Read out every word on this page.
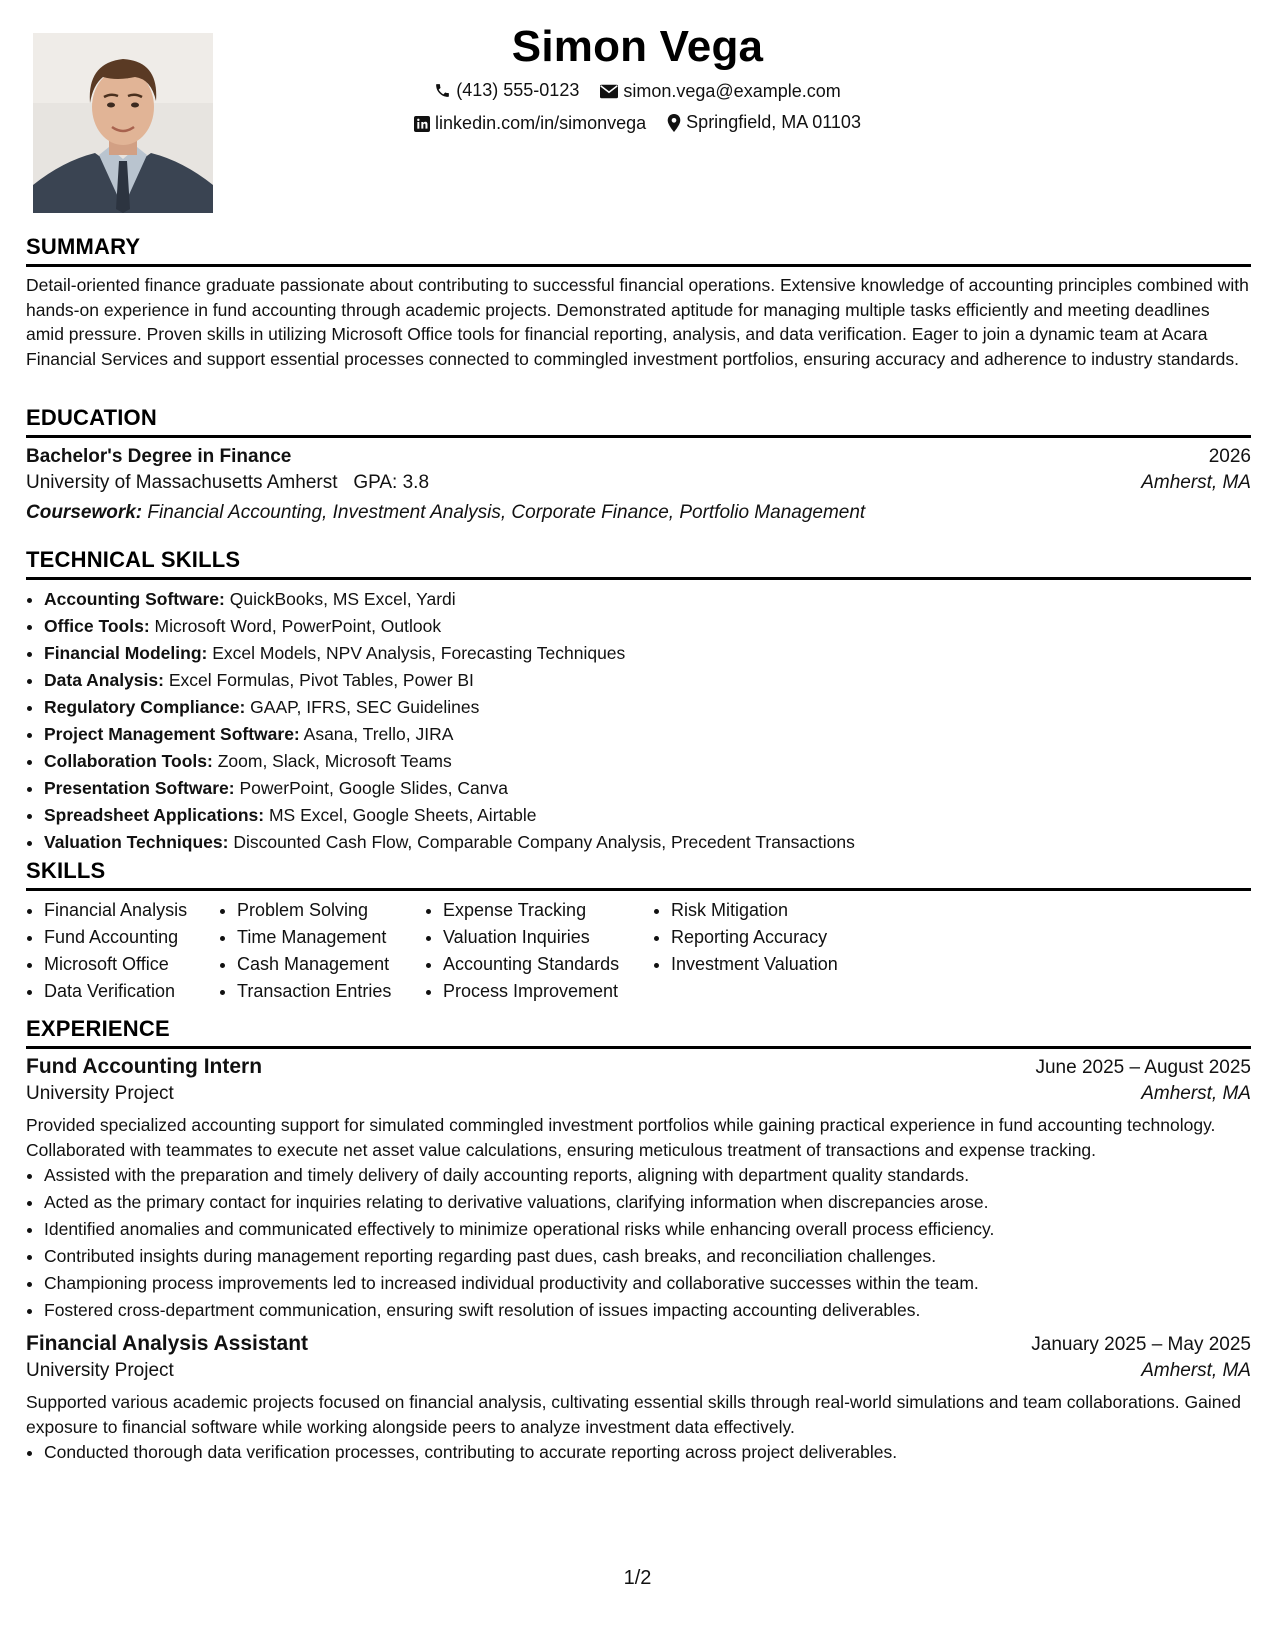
Simon Vega
(413) 555-0123
simon.vega@example.com
linkedin.com/in/simonvega
Springfield, MA 01103
SUMMARY

Detail-oriented finance graduate passionate about contributing to successful financial operations. Extensive knowledge of accounting principles combined with hands-on experience in fund accounting through academic projects. Demonstrated aptitude for managing multiple tasks efficiently and meeting deadlines amid pressure. Proven skills in utilizing Microsoft Office tools for financial reporting, analysis, and data verification. Eager to join a dynamic team at Acara Financial Services and support essential processes connected to commingled investment portfolios, ensuring accuracy and adherence to industry standards.

EDUCATION
Bachelor's Degree in Finance	2026
University of Massachusetts Amherst GPA: 3.8	Amherst, MA
Coursework: Financial Accounting, Investment Analysis, Corporate Finance, Portfolio Management
TECHNICAL SKILLS
• Accounting Software: QuickBooks, MS Excel, Yardi
• Office Tools: Microsoft Word, PowerPoint, Outlook
• Financial Modeling: Excel Models, NPV Analysis, Forecasting Techniques
• Data Analysis: Excel Formulas, Pivot Tables, Power BI
• Regulatory Compliance: GAAP, IFRS, SEC Guidelines
• Project Management Software: Asana, Trello, JIRA
• Collaboration Tools: Zoom, Slack, Microsoft Teams
• Presentation Software: PowerPoint, Google Slides, Canva
• Spreadsheet Applications: MS Excel, Google Sheets, Airtable
• Valuation Techniques: Discounted Cash Flow, Comparable Company Analysis, Precedent Transactions
SKILLS
• Financial Analysis
• Fund Accounting
• Microsoft Office
• Data Verification
• Problem Solving
• Time Management
• Cash Management
• Transaction Entries
• Expense Tracking
• Valuation Inquiries
• Accounting Standards
• Process Improvement
• Risk Mitigation
• Reporting Accuracy
• Investment Valuation
EXPERIENCE
Fund Accounting Intern	June 2025 – August 2025
University Project	Amherst, MA

Provided specialized accounting support for simulated commingled investment portfolios while gaining practical experience in fund accounting technology. Collaborated with teammates to execute net asset value calculations, ensuring meticulous treatment of transactions and expense tracking.

• Assisted with the preparation and timely delivery of daily accounting reports, aligning with department quality standards.
• Acted as the primary contact for inquiries relating to derivative valuations, clarifying information when discrepancies arose.
• Identified anomalies and communicated effectively to minimize operational risks while enhancing overall process efficiency.
• Contributed insights during management reporting regarding past dues, cash breaks, and reconciliation challenges.
• Championing process improvements led to increased individual productivity and collaborative successes within the team.
• Fostered cross-department communication, ensuring swift resolution of issues impacting accounting deliverables.
Financial Analysis Assistant	January 2025 – May 2025
University Project	Amherst, MA

Supported various academic projects focused on financial analysis, cultivating essential skills through real-world simulations and team collaborations. Gained exposure to financial software while working alongside peers to analyze investment data effectively.

• Conducted thorough data verification processes, contributing to accurate reporting across project deliverables.
1/2
